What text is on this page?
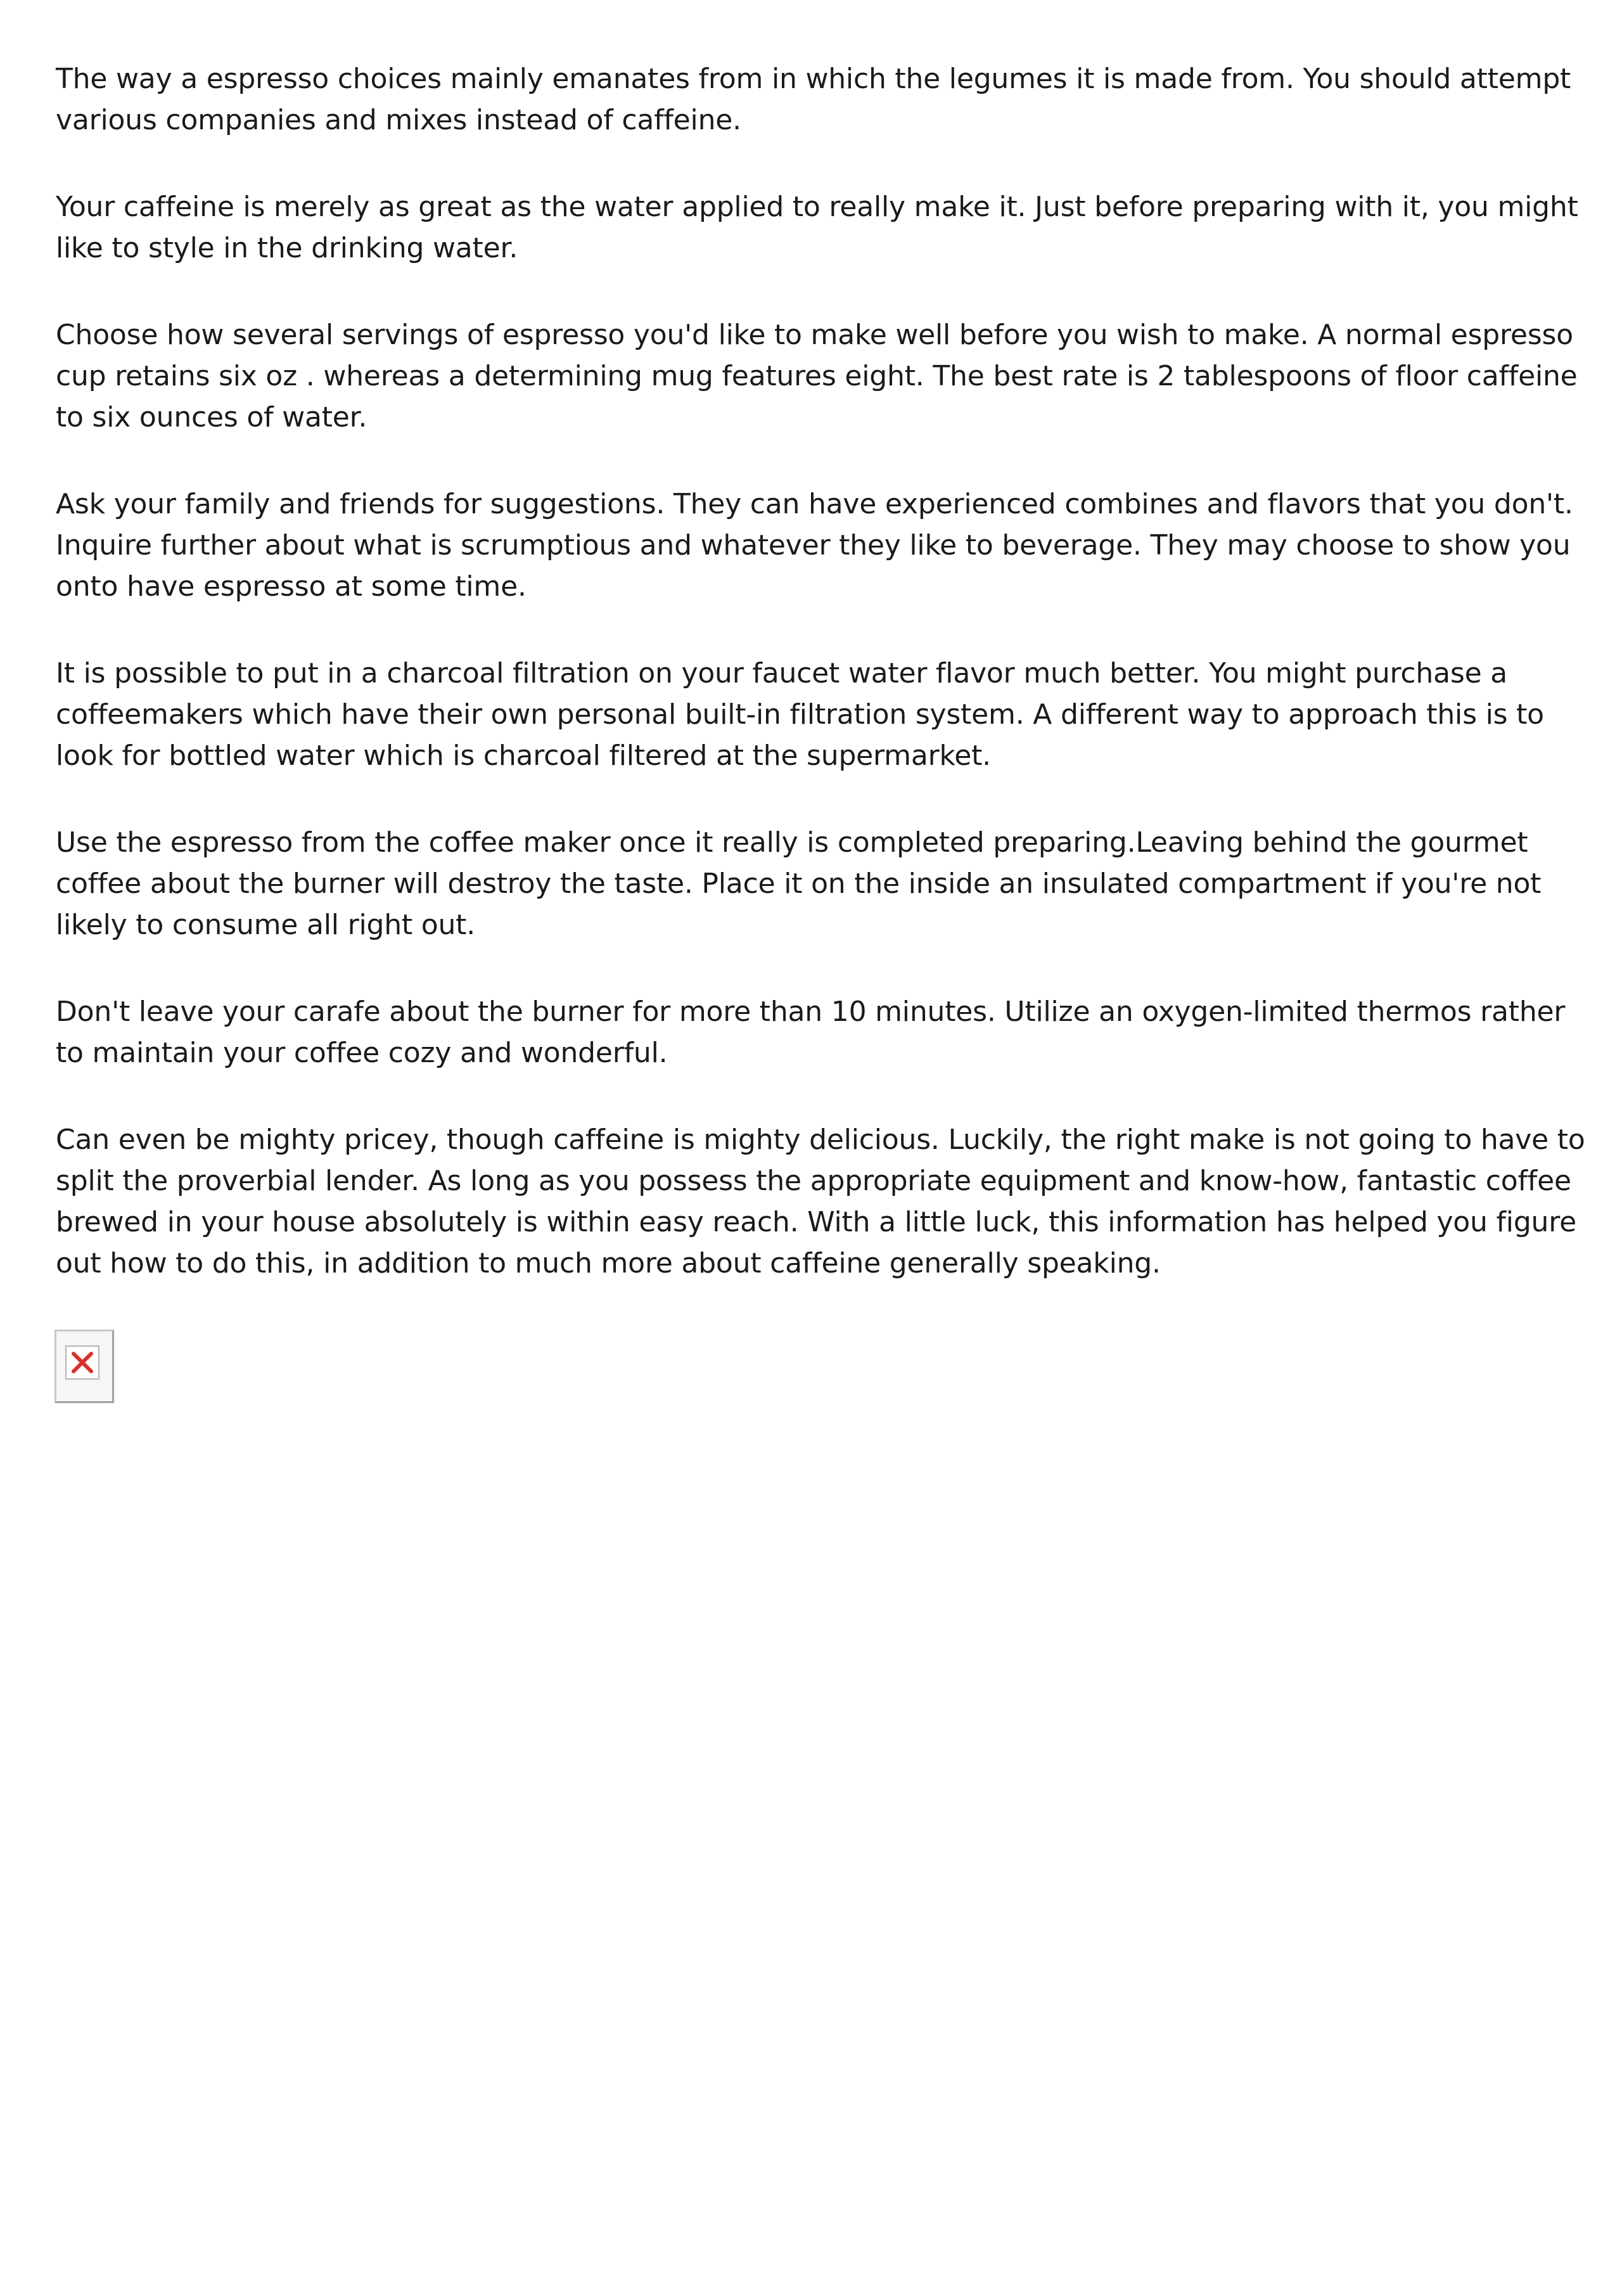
The way a espresso choices mainly emanates from in which the legumes it is made from. You should attempt various companies and mixes instead of caffeine.

Your caffeine is merely as great as the water applied to really make it. Just before preparing with it, you might like to style in the drinking water.

Choose how several servings of espresso you'd like to make well before you wish to make. A normal espresso cup retains six oz . whereas a determining mug features eight. The best rate is 2 tablespoons of floor caffeine to six ounces of water.

Ask your family and friends for suggestions. They can have experienced combines and flavors that you don't. Inquire further about what is scrumptious and whatever they like to beverage. They may choose to show you onto have espresso at some time.

It is possible to put in a charcoal filtration on your faucet water flavor much better. You might purchase a coffeemakers which have their own personal built-in filtration system. A different way to approach this is to look for bottled water which is charcoal filtered at the supermarket.

Use the espresso from the coffee maker once it really is completed preparing.Leaving behind the gourmet coffee about the burner will destroy the taste. Place it on the inside an insulated compartment if you're not likely to consume all right out.

Don't leave your carafe about the burner for more than 10 minutes. Utilize an oxygen-limited thermos rather to maintain your coffee cozy and wonderful.

Can even be mighty pricey, though caffeine is mighty delicious. Luckily, the right make is not going to have to split the proverbial lender. As long as you possess the appropriate equipment and know-how, fantastic coffee brewed in your house absolutely is within easy reach. With a little luck, this information has helped you figure out how to do this, in addition to much more about caffeine generally speaking.
